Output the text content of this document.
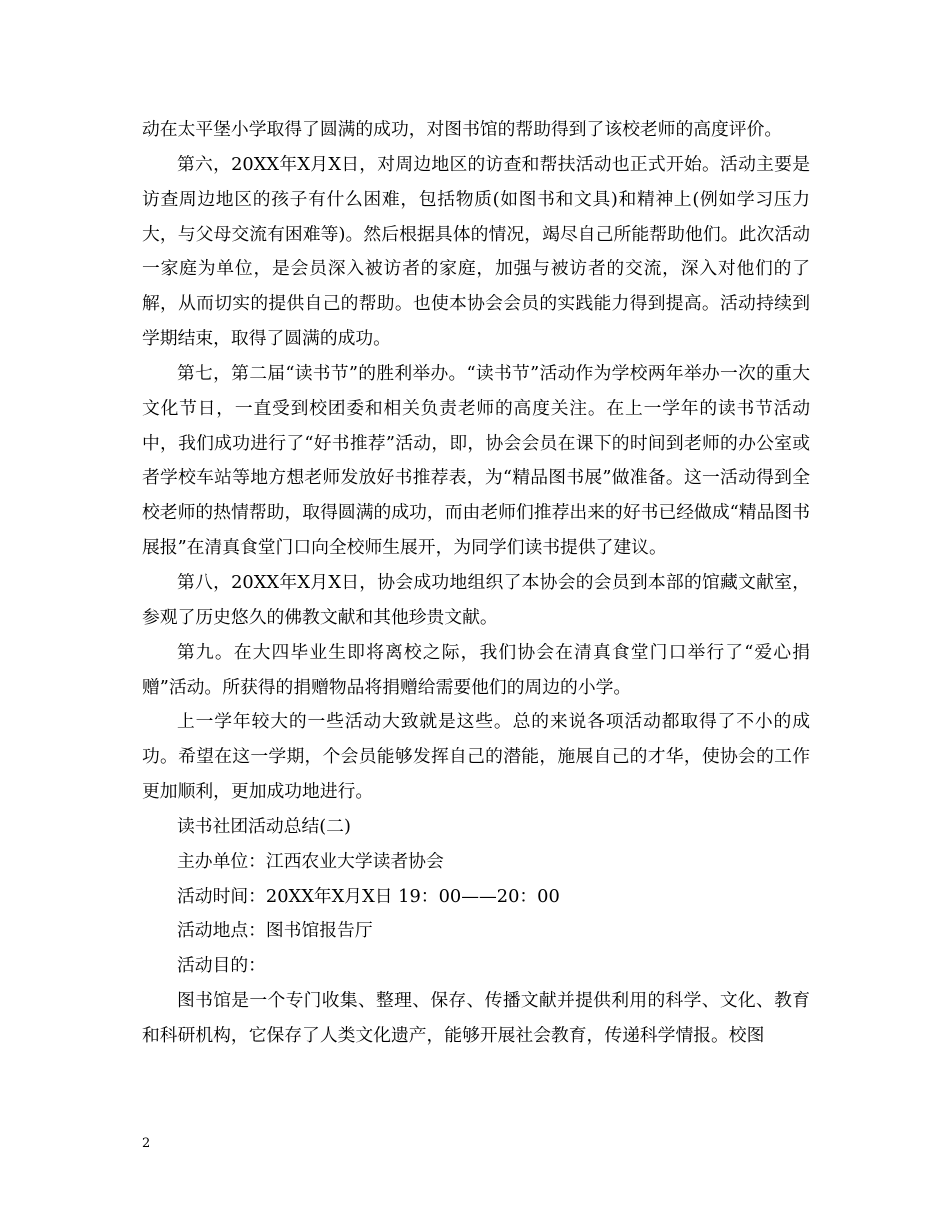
动在太平堡小学取得了圆满的成功，对图书馆的帮助得到了该校老师的高度评价。

第六，20XX年X月X日，对周边地区的访查和帮扶活动也正式开始。活动主要是访查周边地区的孩子有什么困难，包括物质(如图书和文具)和精神上(例如学习压力大，与父母交流有困难等)。然后根据具体的情况，竭尽自己所能帮助他们。此次活动一家庭为单位，是会员深入被访者的家庭，加强与被访者的交流，深入对他们的了解，从而切实的提供自己的帮助。也使本协会会员的实践能力得到提高。活动持续到学期结束，取得了圆满的成功。

第七，第二届“读书节”的胜利举办。“读书节”活动作为学校两年举办一次的重大文化节日，一直受到校团委和相关负责老师的高度关注。在上一学年的读书节活动中，我们成功进行了“好书推荐”活动，即，协会会员在课下的时间到老师的办公室或者学校车站等地方想老师发放好书推荐表，为“精品图书展”做准备。这一活动得到全校老师的热情帮助，取得圆满的成功，而由老师们推荐出来的好书已经做成“精品图书展报”在清真食堂门口向全校师生展开，为同学们读书提供了建议。

第八，20XX年X月X日，协会成功地组织了本协会的会员到本部的馆藏文献室，参观了历史悠久的佛教文献和其他珍贵文献。

第九。在大四毕业生即将离校之际，我们协会在清真食堂门口举行了“爱心捐赠”活动。所获得的捐赠物品将捐赠给需要他们的周边的小学。

上一学年较大的一些活动大致就是这些。总的来说各项活动都取得了不小的成功。希望在这一学期，个会员能够发挥自己的潜能，施展自己的才华，使协会的工作更加顺利，更加成功地进行。

读书社团活动总结(二)

主办单位：江西农业大学读者协会

活动时间：20XX年X月X日 19：00——20：00

活动地点：图书馆报告厅

活动目的：

图书馆是一个专门收集、整理、保存、传播文献并提供利用的科学、文化、教育和科研机构，它保存了人类文化遗产，能够开展社会教育，传递科学情报。校图

2
